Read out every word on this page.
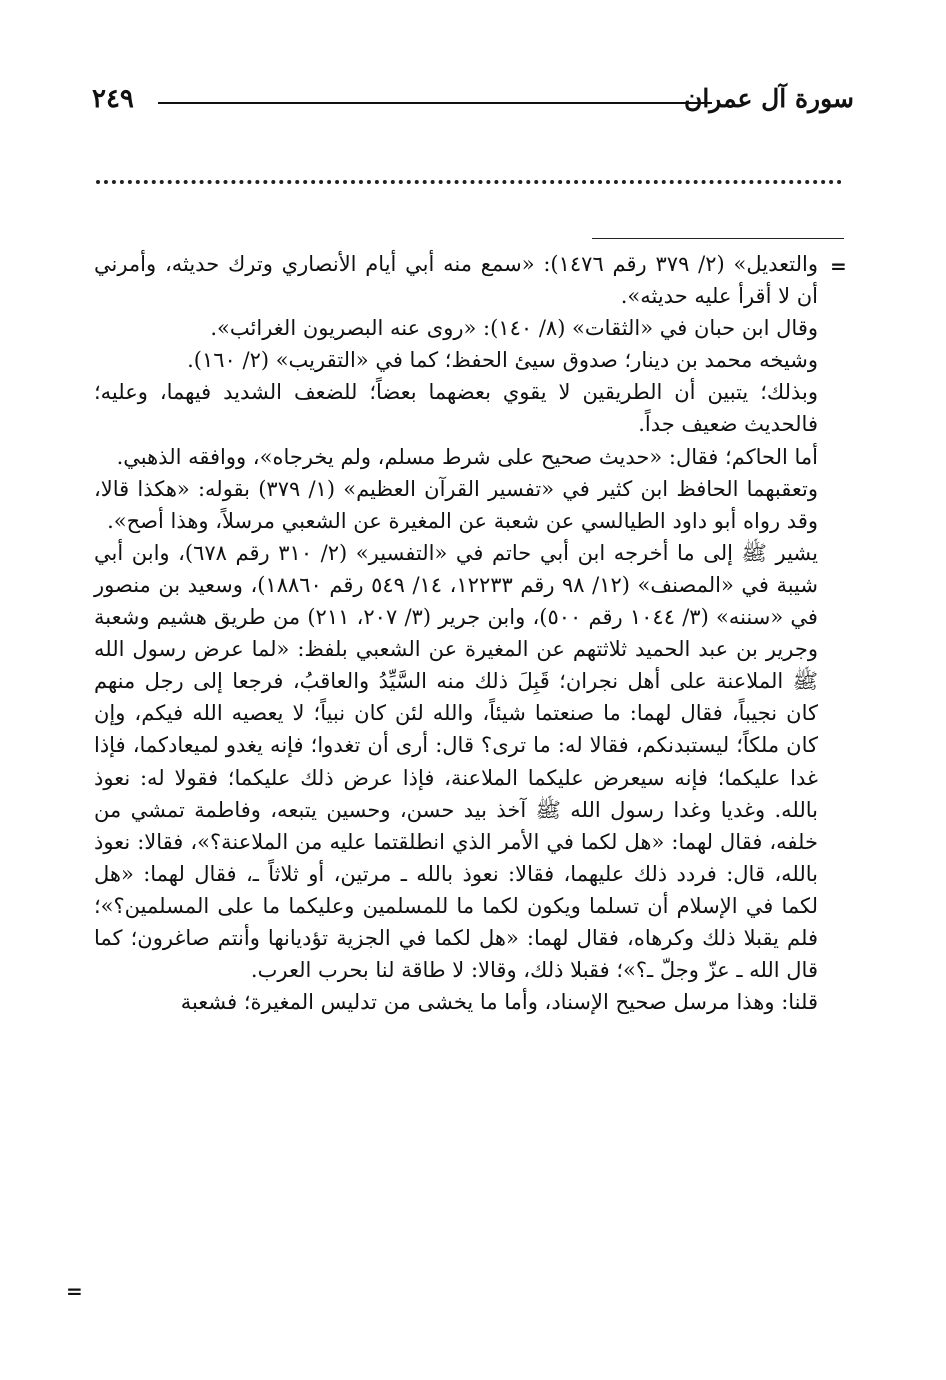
سورة آل عمران
٢٤٩
=

والتعديل» (٢/ ٣٧٩ رقم ١٤٧٦): «سمع منه أبي أيام الأنصاري وترك حديثه، وأمرني أن لا أقرأ عليه حديثه».

وقال ابن حبان في «الثقات» (٨/ ١٤٠): «روى عنه البصريون الغرائب».

وشيخه محمد بن دينار؛ صدوق سيئ الحفظ؛ كما في «التقريب» (٢/ ١٦٠).

وبذلك؛ يتبين أن الطريقين لا يقوي بعضهما بعضاً؛ للضعف الشديد فيهما، وعليه؛ فالحديث ضعيف جداً.

أما الحاكم؛ فقال: «حديث صحيح على شرط مسلم، ولم يخرجاه»، ووافقه الذهبي.

وتعقبهما الحافظ ابن كثير في «تفسير القرآن العظيم» (١/ ٣٧٩) بقوله: «هكذا قالا، وقد رواه أبو داود الطيالسي عن شعبة عن المغيرة عن الشعبي مرسلاً، وهذا أصح».

يشير ﷺ إلى ما أخرجه ابن أبي حاتم في «التفسير» (٢/ ٣١٠ رقم ٦٧٨)، وابن أبي شيبة في «المصنف» (١٢/ ٩٨ رقم ١٢٢٣٣، ١٤/ ٥٤٩ رقم ١٨٨٦٠)، وسعيد بن منصور في «سننه» (٣/ ١٠٤٤ رقم ٥٠٠)، وابن جرير (٣/ ٢٠٧، ٢١١) من طريق هشيم وشعبة وجرير بن عبد الحميد ثلاثتهم عن المغيرة عن الشعبي بلفظ: «لما عرض رسول الله ﷺ الملاعنة على أهل نجران؛ قَبِلَ ذلك منه السَّيِّدُ والعاقبُ، فرجعا إلى رجل منهم كان نجيباً، فقال لهما: ما صنعتما شيئاً، والله لئن كان نبياً؛ لا يعصيه الله فيكم، وإن كان ملكاً؛ ليستبدنكم، فقالا له: ما ترى؟ قال: أرى أن تغدوا؛ فإنه يغدو لميعادكما، فإذا غدا عليكما؛ فإنه سيعرض عليكما الملاعنة، فإذا عرض ذلك عليكما؛ فقولا له: نعوذ بالله. وغديا وغدا رسول الله ﷺ آخذ بيد حسن، وحسين يتبعه، وفاطمة تمشي من خلفه، فقال لهما: «هل لكما في الأمر الذي انطلقتما عليه من الملاعنة؟»، فقالا: نعوذ بالله، قال: فردد ذلك عليهما، فقالا: نعوذ بالله ـ مرتين، أو ثلاثاً ـ، فقال لهما: «هل لكما في الإسلام أن تسلما ويكون لكما ما للمسلمين وعليكما ما على المسلمين؟»؛ فلم يقبلا ذلك وكرهاه، فقال لهما: «هل لكما في الجزية تؤديانها وأنتم صاغرون؛ كما قال الله ـ عزّ وجلّ ـ؟»؛ فقبلا ذلك، وقالا: لا طاقة لنا بحرب العرب.

قلنا: وهذا مرسل صحيح الإسناد، وأما ما يخشى من تدليس المغيرة؛ فشعبة

=
